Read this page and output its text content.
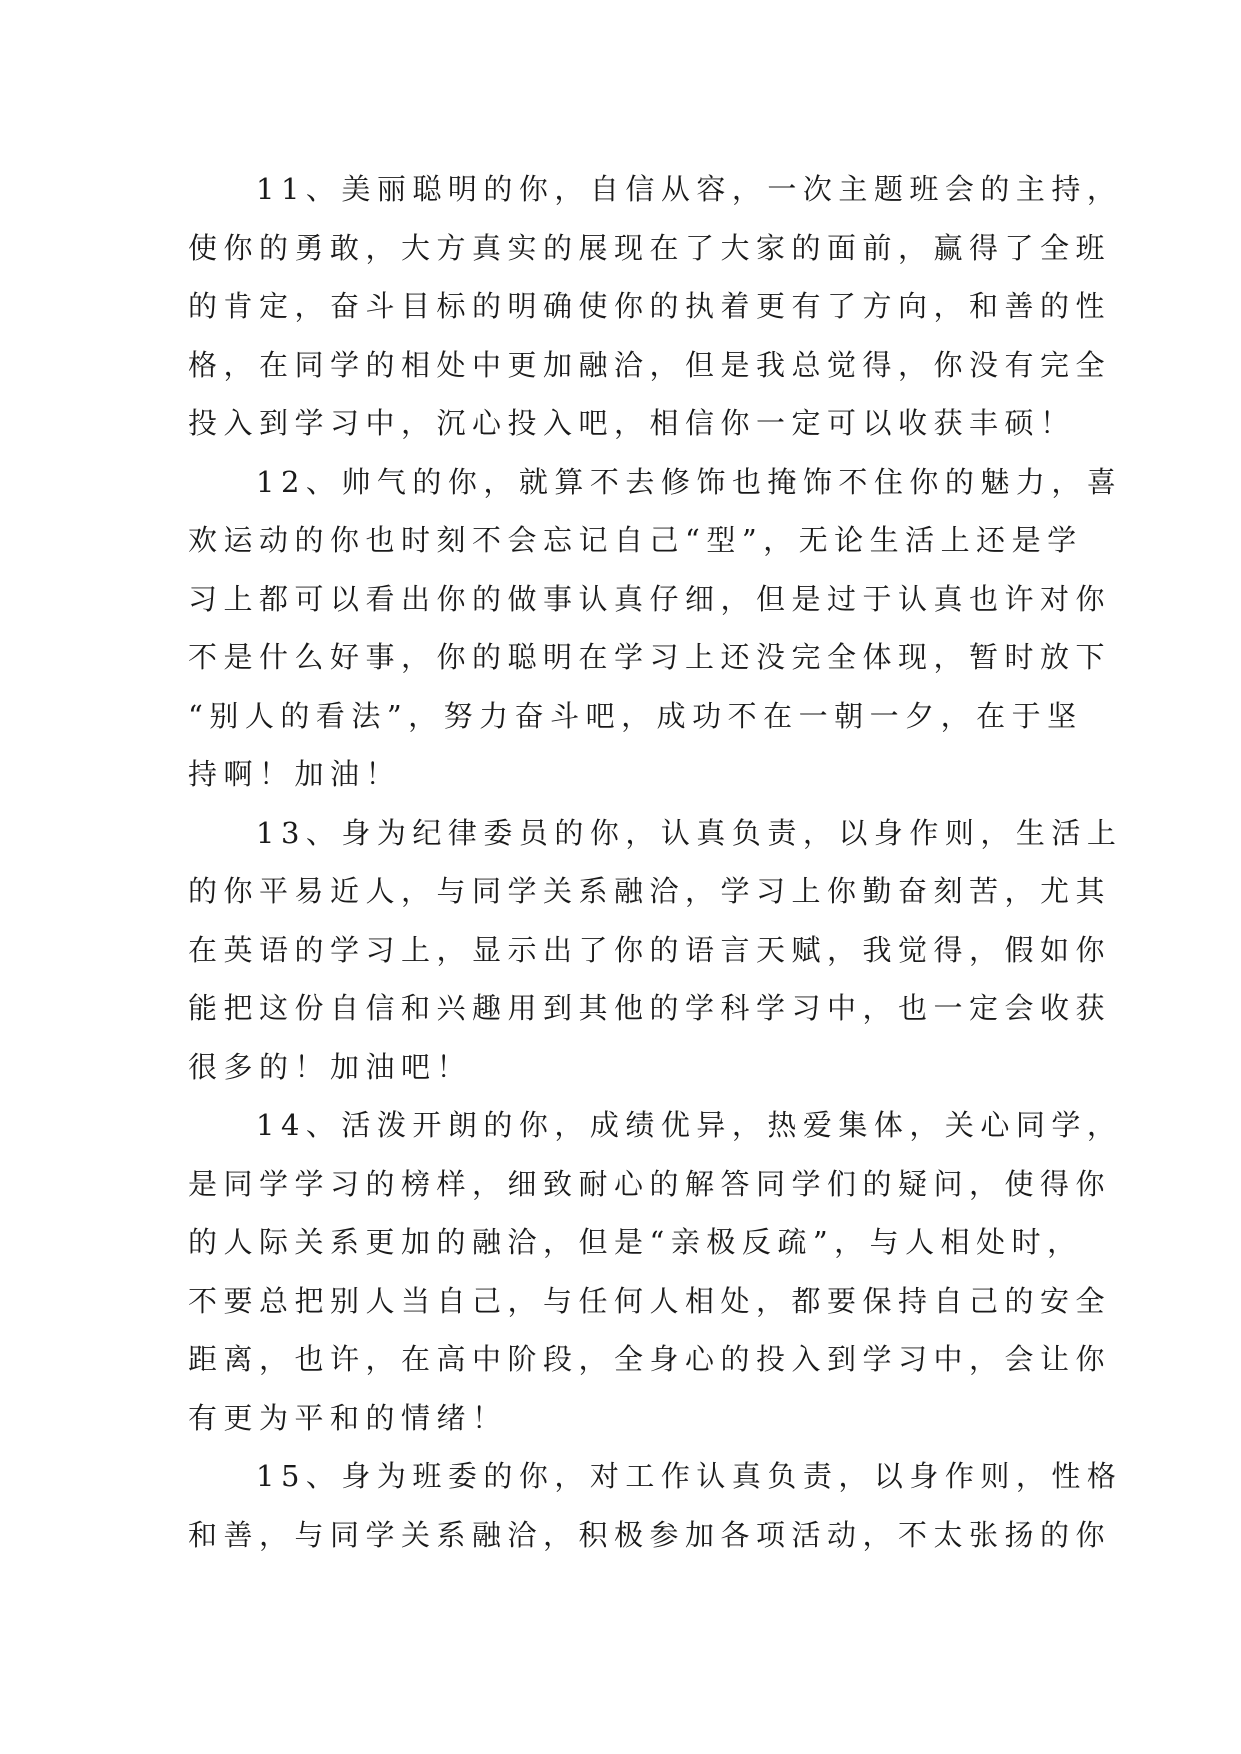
11、美丽聪明的你，自信从容，一次主题班会的主持，
使你的勇敢，大方真实的展现在了大家的面前，赢得了全班
的肯定，奋斗目标的明确使你的执着更有了方向，和善的性
格，在同学的相处中更加融洽，但是我总觉得，你没有完全
投入到学习中，沉心投入吧，相信你一定可以收获丰硕！
12、帅气的你，就算不去修饰也掩饰不住你的魅力，喜
欢运动的你也时刻不会忘记自己“型”，无论生活上还是学
习上都可以看出你的做事认真仔细，但是过于认真也许对你
不是什么好事，你的聪明在学习上还没完全体现，暂时放下
“别人的看法”，努力奋斗吧，成功不在一朝一夕，在于坚
持啊！加油！
13、身为纪律委员的你，认真负责，以身作则，生活上
的你平易近人，与同学关系融洽，学习上你勤奋刻苦，尤其
在英语的学习上，显示出了你的语言天赋，我觉得，假如你
能把这份自信和兴趣用到其他的学科学习中，也一定会收获
很多的！加油吧！
14、活泼开朗的你，成绩优异，热爱集体，关心同学，
是同学学习的榜样，细致耐心的解答同学们的疑问，使得你
的人际关系更加的融洽，但是“亲极反疏”，与人相处时，
不要总把别人当自己，与任何人相处，都要保持自己的安全
距离，也许，在高中阶段，全身心的投入到学习中，会让你
有更为平和的情绪！
15、身为班委的你，对工作认真负责，以身作则，性格
和善，与同学关系融洽，积极参加各项活动，不太张扬的你
